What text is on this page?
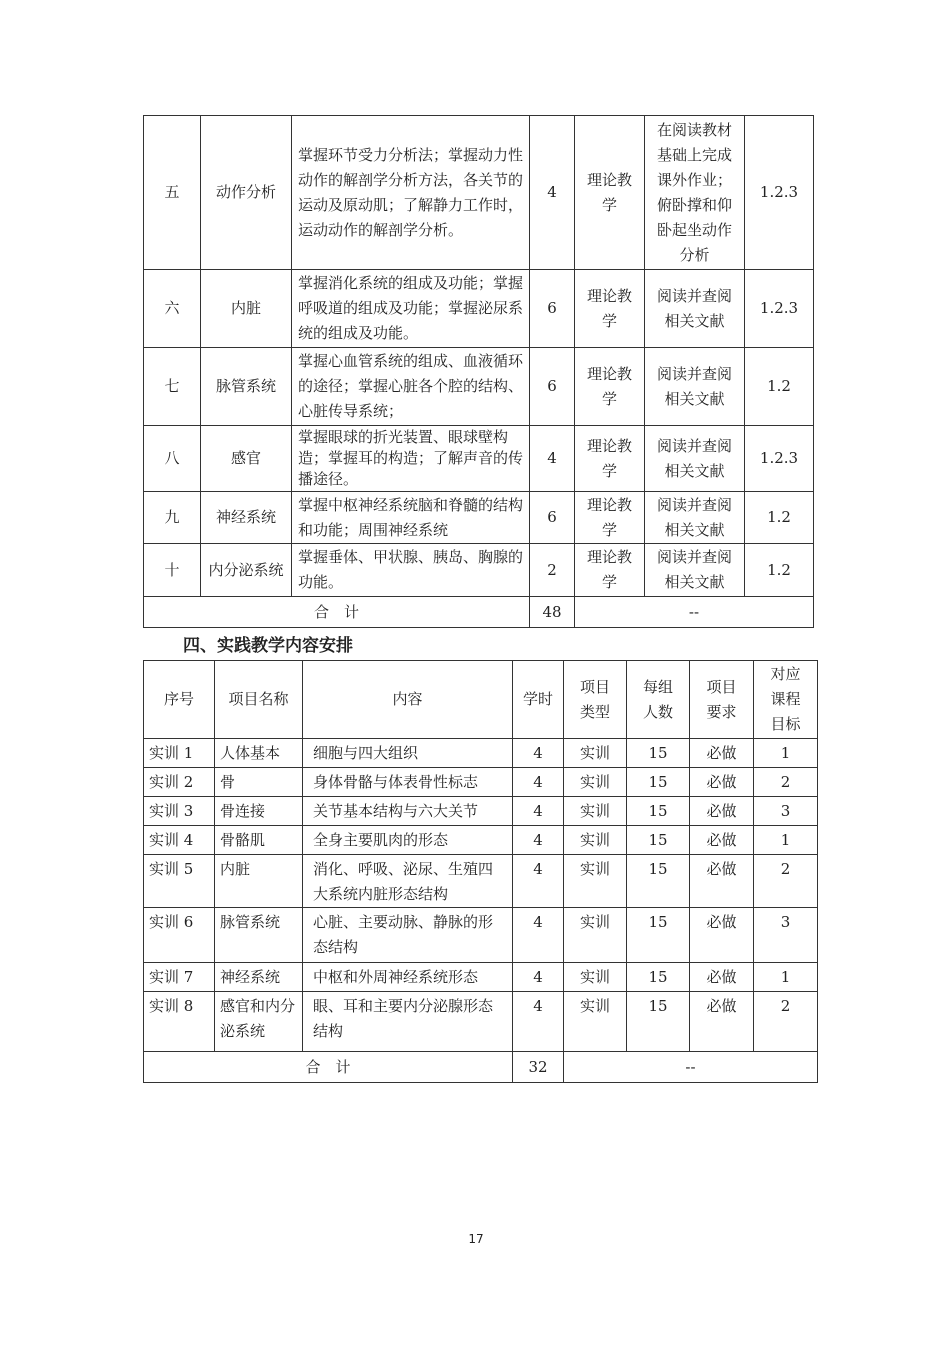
五	动作分析	掌握环节受力分析法；掌握动力性动作的解剖学分析方法，各关节的运动及原动肌；了解静力工作时，运动动作的解剖学分析。	4	理论教学	在阅读教材基础上完成课外作业；俯卧撑和仰卧起坐动作分析	1.2.3
六	内脏	掌握消化系统的组成及功能；掌握呼吸道的组成及功能；掌握泌尿系统的组成及功能。	6	理论教学	阅读并查阅相关文献	1.2.3
七	脉管系统	掌握心血管系统的组成、血液循环的途径；掌握心脏各个腔的结构、心脏传导系统；	6	理论教学	阅读并查阅相关文献	1.2
八	感官	掌握眼球的折光装置、眼球壁构造；掌握耳的构造；了解声音的传播途径。	4	理论教学	阅读并查阅相关文献	1.2.3
九	神经系统	掌握中枢神经系统脑和脊髓的结构和功能；周围神经系统	6	理论教学	阅读并查阅相关文献	1.2
十	内分泌系统	掌握垂体、甲状腺、胰岛、胸腺的功能。	2	理论教学	阅读并查阅相关文献	1.2
合　计			48	--		
四、实践教学内容安排
序号	项目名称	内容	学时	项目类型	每组人数	项目要求	对应课程目标
实训 1	人体基本	细胞与四大组织	4	实训	15	必做	1
实训 2	骨	身体骨骼与体表骨性标志	4	实训	15	必做	2
实训 3	骨连接	关节基本结构与六大关节	4	实训	15	必做	3
实训 4	骨骼肌	全身主要肌肉的形态	4	实训	15	必做	1
实训 5	内脏	消化、呼吸、泌尿、生殖四大系统内脏形态结构	4	实训	15	必做	2
实训 6	脉管系统	心脏、主要动脉、静脉的形态结构	4	实训	15	必做	3
实训 7	神经系统	中枢和外周神经系统形态	4	实训	15	必做	1
实训 8	感官和内分泌系统	眼、耳和主要内分泌腺形态结构	4	实训	15	必做	2
合　计			32	--			
17
